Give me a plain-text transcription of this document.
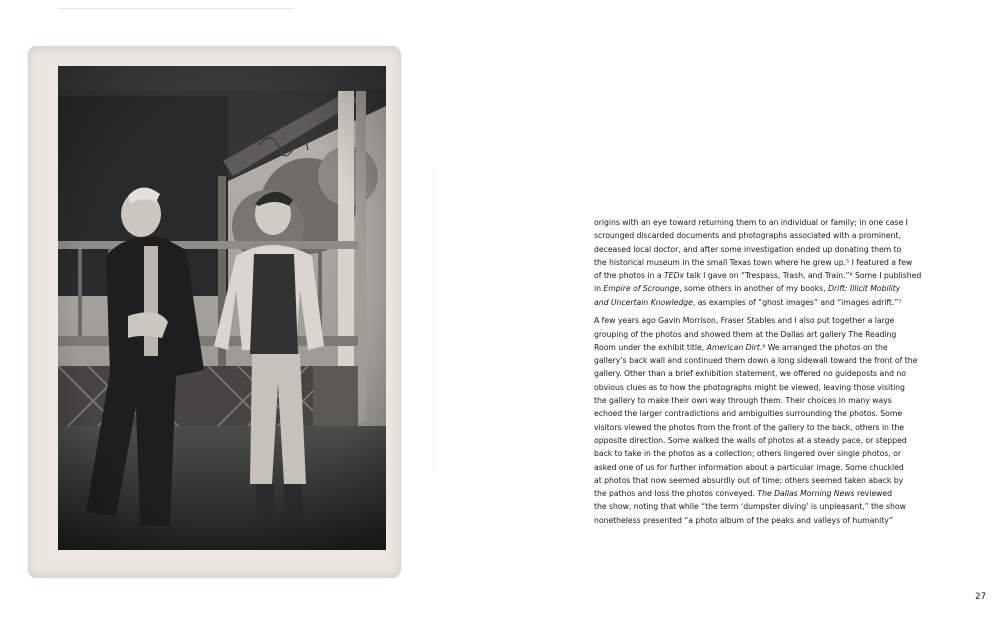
origins with an eye toward returning them to an individual or family; in one case I
scrounged discarded documents and photographs associated with a prominent,
deceased local doctor, and after some investigation ended up donating them to
the historical museum in the small Texas town where he grew up.⁵ I featured a few
of the photos in a TEDx talk I gave on “Trespass, Trash, and Train.”⁶ Some I published
in Empire of Scrounge, some others in another of my books, Drift: Illicit Mobility
and Uncertain Knowledge, as examples of “ghost images” and “images adrift.”⁷

A few years ago Gavin Morrison, Fraser Stables and I also put together a large
grouping of the photos and showed them at the Dallas art gallery The Reading
Room under the exhibit title, American Dirt.⁸ We arranged the photos on the
gallery’s back wall and continued them down a long sidewall toward the front of the
gallery. Other than a brief exhibition statement, we offered no guideposts and no
obvious clues as to how the photographs might be viewed, leaving those visiting
the gallery to make their own way through them. Their choices in many ways
echoed the larger contradictions and ambiguities surrounding the photos. Some
visitors viewed the photos from the front of the gallery to the back, others in the
opposite direction. Some walked the walls of photos at a steady pace, or stepped
back to take in the photos as a collection; others lingered over single photos, or
asked one of us for further information about a particular image. Some chuckled
at photos that now seemed absurdly out of time; others seemed taken aback by
the pathos and loss the photos conveyed. The Dallas Morning News reviewed
the show, noting that while “the term ‘dumpster diving’ is unpleasant,” the show
nonetheless presented “a photo album of the peaks and valleys of humanity”

27
